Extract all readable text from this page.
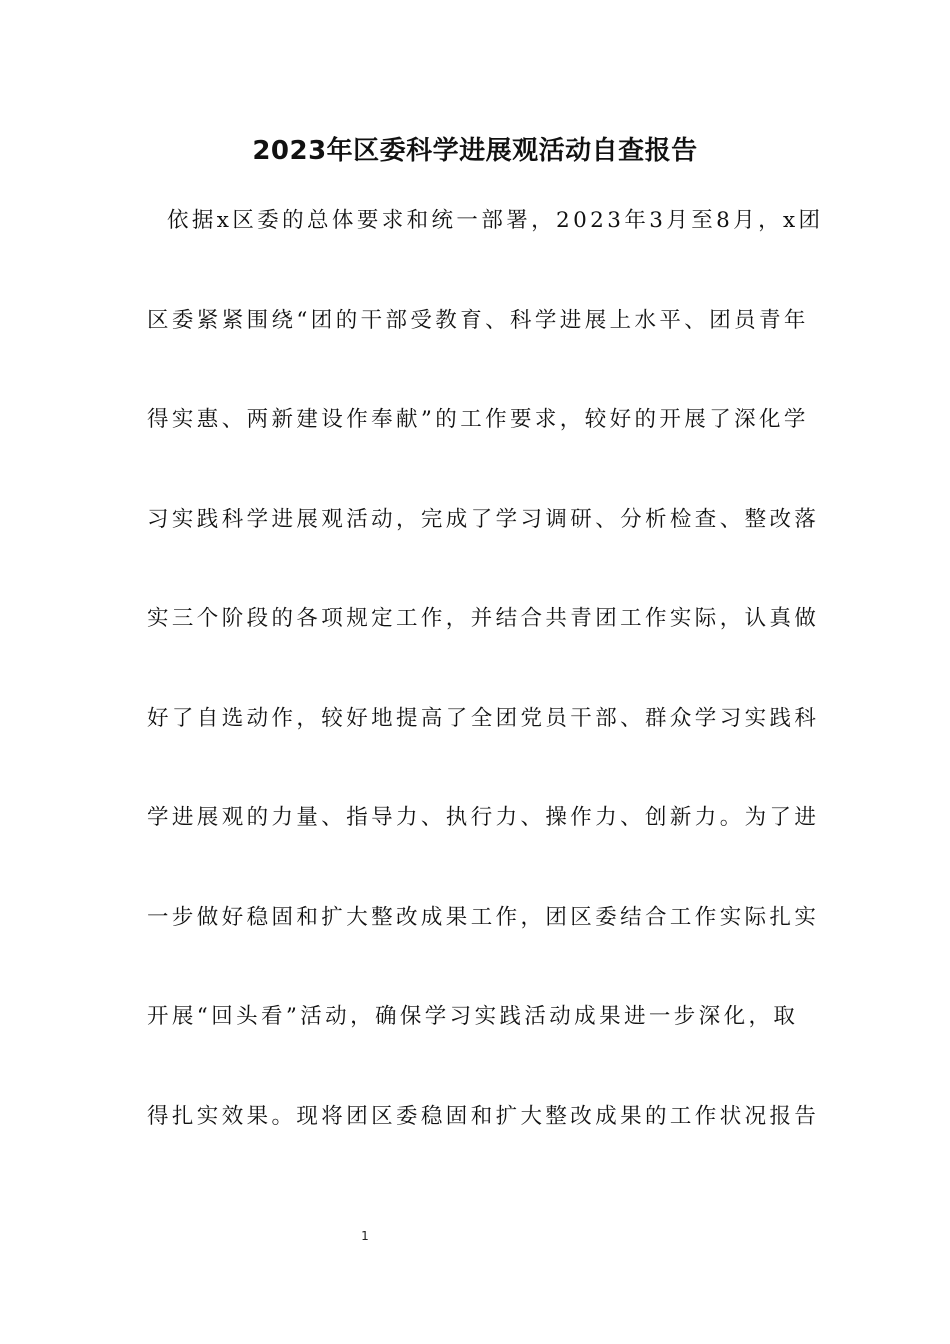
2023年区委科学进展观活动自查报告
依据x区委的总体要求和统一部署，2023年3月至8月，x团
区委紧紧围绕“团的干部受教育、科学进展上水平、团员青年
得实惠、两新建设作奉献”的工作要求，较好的开展了深化学
习实践科学进展观活动，完成了学习调研、分析检查、整改落
实三个阶段的各项规定工作，并结合共青团工作实际，认真做
好了自选动作，较好地提高了全团党员干部、群众学习实践科
学进展观的力量、指导力、执行力、操作力、创新力。为了进
一步做好稳固和扩大整改成果工作，团区委结合工作实际扎实
开展“回头看”活动，确保学习实践活动成果进一步深化，取
得扎实效果。现将团区委稳固和扩大整改成果的工作状况报告
1
